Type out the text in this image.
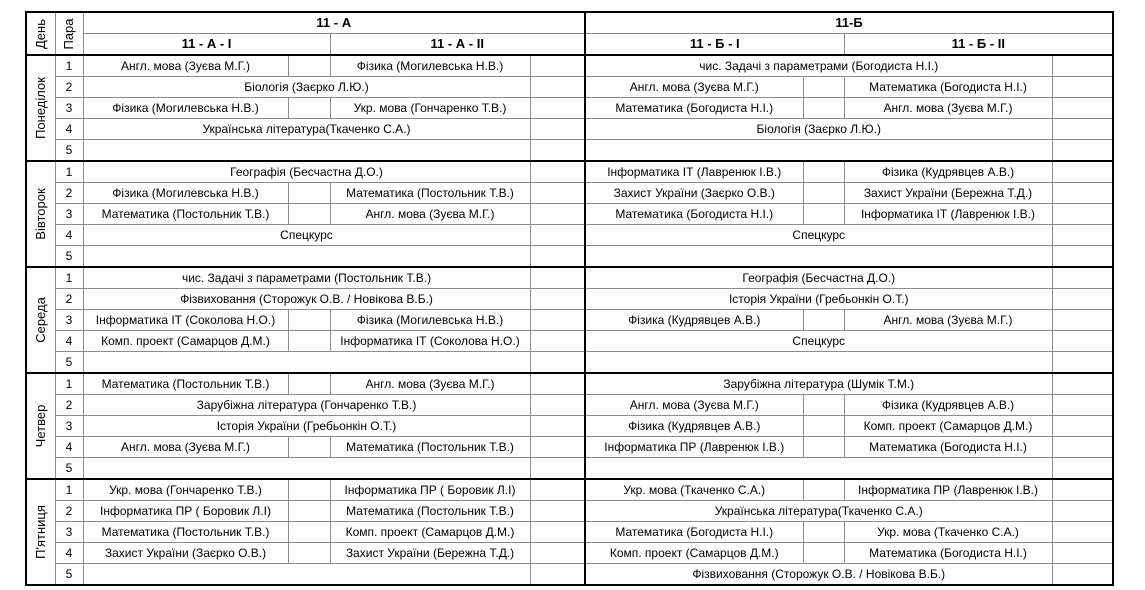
День	Пара	11 - А				11-Б			
		11 - А - І		11 - А - ІІ		11 - Б - І		11 - Б - ІІ	

Понеділок	1	Англ. мова (Зуєва М.Г.)		Фізика (Могилевська Н.В.)		чис. Задачі з параметрами (Богодиста Н.І.)			
	2	Біологія (Заєрко Л.Ю.)				Англ. мова (Зуєва М.Г.)		Математика (Богодиста Н.І.)	
	3	Фізика (Могилевська Н.В.)		Укр. мова (Гончаренко Т.В.)		Математика (Богодиста Н.І.)		Англ. мова (Зуєва М.Г.)	
	4	Українська література(Ткаченко С.А.)				Біологія (Заєрко Л.Ю.)			
	5								

Вівторок	1	Географія (Бесчастна Д.О.)				Інформатика ІТ (Лавренюк І.В.)		Фізика (Кудрявцев А.В.)	
	2	Фізика (Могилевська Н.В.)		Математика (Постольник Т.В.)		Захист України (Заєрко О.В.)		Захист України (Бережна Т.Д.)	
	3	Математика (Постольник Т.В.)		Англ. мова (Зуєва М.Г.)		Математика (Богодиста Н.І.)		Інформатика ІТ (Лавренюк І.В.)	
	4	Спецкурс				Спецкурс			
	5								

Середа	1	чис. Задачі з параметрами (Постольник Т.В.)				Географія (Бесчастна Д.О.)			
	2	Фізвиховання (Сторожук О.В. / Новікова В.Б.)				Історія України (Гребьонкін О.Т.)			
	3	Інформатика ІТ (Соколова Н.О.)		Фізика (Могилевська Н.В.)		Фізика (Кудрявцев А.В.)		Англ. мова (Зуєва М.Г.)	
	4	Комп. проект (Самарцов Д.М.)		Інформатика ІТ (Соколова Н.О.)		Спецкурс			
	5								

Четвер	1	Математика (Постольник Т.В.)		Англ. мова (Зуєва М.Г.)		Зарубіжна література (Шумік Т.М.)			
	2	Зарубіжна література (Гончаренко Т.В.)				Англ. мова (Зуєва М.Г.)		Фізика (Кудрявцев А.В.)	
	3	Історія України (Гребьонкін О.Т.)				Фізика (Кудрявцев А.В.)		Комп. проект (Самарцов Д.М.)	
	4	Англ. мова (Зуєва М.Г.)		Математика (Постольник Т.В.)		Інформатика ПР (Лавренюк І.В.)		Математика (Богодиста Н.І.)	
	5								

П'ятниця	1	Укр. мова (Гончаренко Т.В.)		Інформатика ПР ( Боровик Л.І)		Укр. мова (Ткаченко С.А.)		Інформатика ПР (Лавренюк І.В.)	
	2	Інформатика ПР ( Боровик Л.І)		Математика (Постольник Т.В.)		Українська література(Ткаченко С.А.)			
	3	Математика (Постольник Т.В.)		Комп. проект (Самарцов Д.М.)		Математика (Богодиста Н.І.)		Укр. мова (Ткаченко С.А.)	
	4	Захист України (Заєрко О.В.)		Захист України (Бережна Т.Д.)		Комп. проект (Самарцов Д.М.)		Математика (Богодиста Н.І.)	
	5					Фізвиховання (Сторожук О.В. / Новікова В.Б.)			
